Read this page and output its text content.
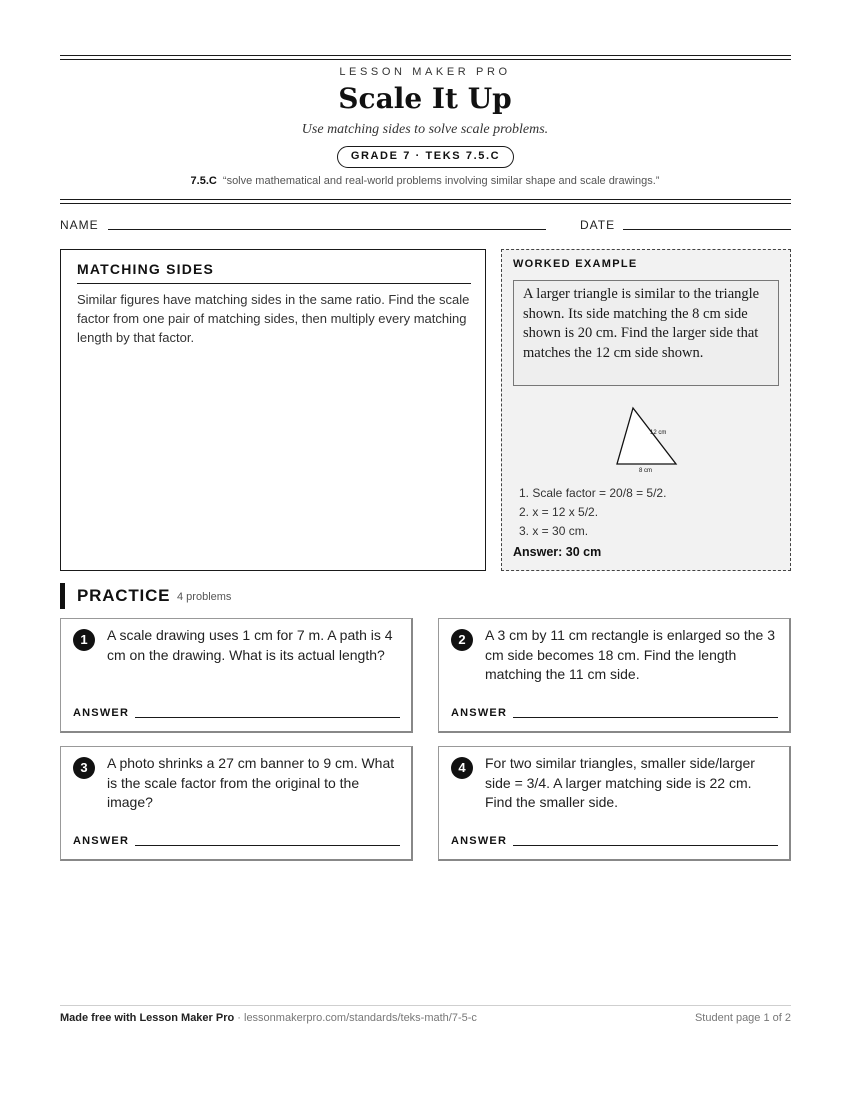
LESSON MAKER PRO
Scale It Up
Use matching sides to solve scale problems.
GRADE 7 · TEKS 7.5.C
7.5.C “solve mathematical and real-world problems involving similar shape and scale drawings.”
NAME	DATE
MATCHING SIDES
Similar figures have matching sides in the same ratio. Find the scale factor from one pair of matching sides, then multiply every matching length by that factor.
WORKED EXAMPLE
A larger triangle is similar to the triangle shown. Its side matching the 8 cm side shown is 20 cm. Find the larger side that matches the 12 cm side shown.
12 cm
8 cm
1. Scale factor = 20/8 = 5/2.
2. x = 12 x 5/2.
3. x = 30 cm.
Answer: 30 cm
PRACTICE 4 problems
1	A scale drawing uses 1 cm for 7 m. A path is 4 cm on the drawing. What is its actual length?
ANSWER
2	A 3 cm by 11 cm rectangle is enlarged so the 3 cm side becomes 18 cm. Find the length matching the 11 cm side.
ANSWER
3	A photo shrinks a 27 cm banner to 9 cm. What is the scale factor from the original to the image?
ANSWER
4	For two similar triangles, smaller side/larger side = 3/4. A larger matching side is 22 cm. Find the smaller side.
ANSWER
Made free with Lesson Maker Pro · lessonmakerpro.com/standards/teks-math/7-5-c	Student page 1 of 2
